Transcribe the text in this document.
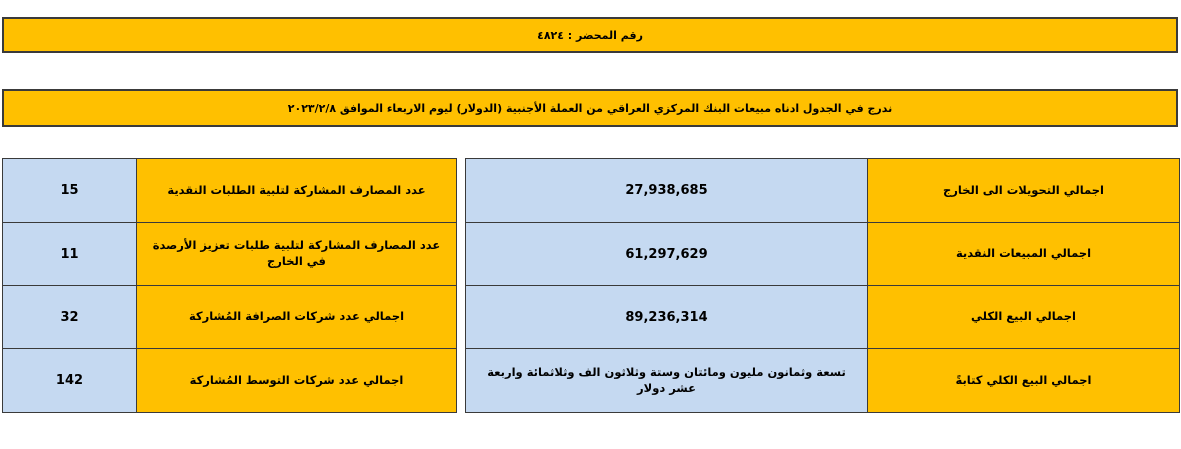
رقم المحضر : ٤٨٢٤
ندرج في الجدول ادناه مبيعات البنك المركزي العراقي من العملة الأجنبية (الدولار) ليوم الاربعاء الموافق ٢٠٢٣/٢/٨
15	عدد المصارف المشاركة لتلبية الطلبات النقدية
11	عدد المصارف المشاركة لتلبية طلبات تعزيز الأرصدة في الخارج
32	اجمالي عدد شركات الصرافة المُشاركة
142	اجمالي عدد شركات التوسط المُشاركة
27,938,685	اجمالي التحويلات الى الخارج
61,297,629	اجمالي المبيعات النقدية
89,236,314	اجمالي البيع الكلي
تسعة وثمانون مليون ومائتان وستة وثلاثون الف وثلاثمائة واربعة عشر دولار	اجمالي البيع الكلي كتابةً
